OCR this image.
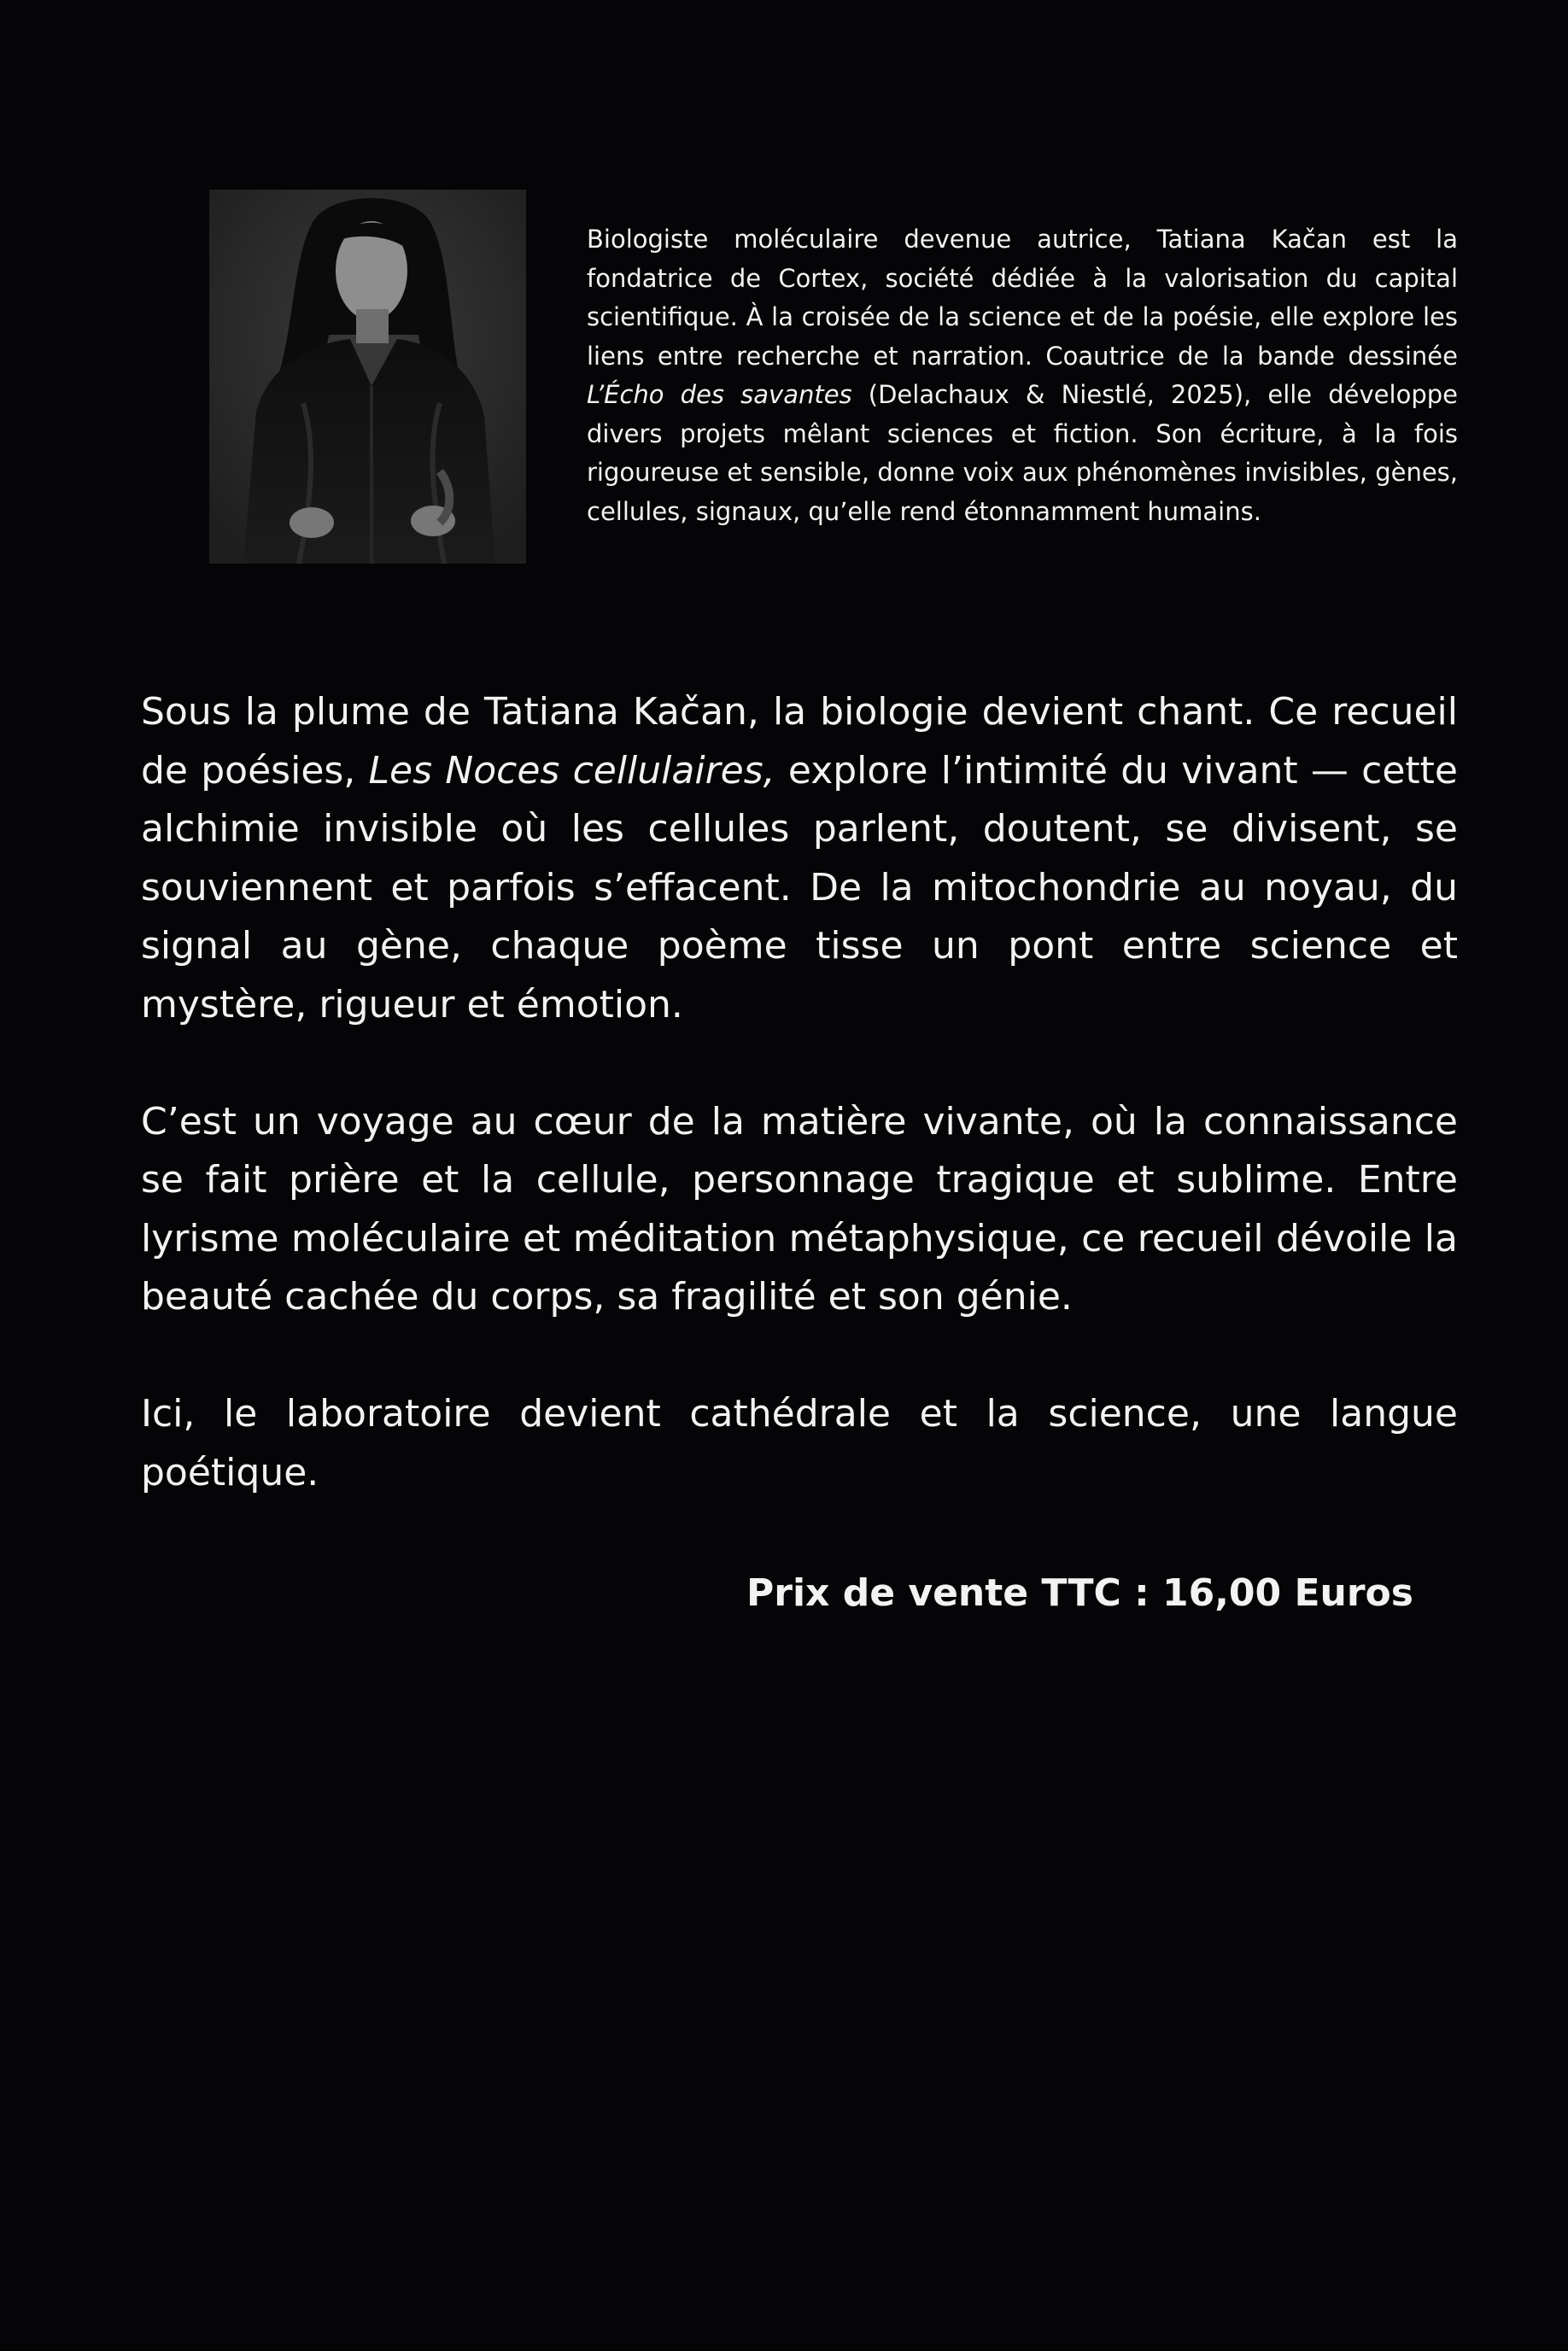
Biologiste moléculaire devenue autrice, Tatiana Kačan est la fondatrice de Cortex, société dédiée à la valorisation du capital scientifique. À la croisée de la science et de la poésie, elle explore les liens entre recherche et narration. Coautrice de la bande dessinée L’Écho des savantes (Delachaux & Niestlé, 2025), elle développe divers projets mêlant sciences et fiction. Son écriture, à la fois rigoureuse et sensible, donne voix aux phénomènes invisibles, gènes, cellules, signaux, qu’elle rend étonnamment humains.

Sous la plume de Tatiana Kačan, la biologie devient chant. Ce recueil de poésies, Les Noces cellulaires, explore l’intimité du vivant — cette alchimie invisible où les cellules parlent, doutent, se divisent, se souviennent et parfois s’effacent. De la mitochondrie au noyau, du signal au gène, chaque poème tisse un pont entre science et mystère, rigueur et émotion.

C’est un voyage au cœur de la matière vivante, où la connaissance se fait prière et la cellule, personnage tragique et sublime. Entre lyrisme moléculaire et méditation métaphysique, ce recueil dévoile la beauté cachée du corps, sa fragilité et son génie.

Ici, le laboratoire devient cathédrale et la science, une langue poétique.

Prix de vente TTC : 16,00 Euros
